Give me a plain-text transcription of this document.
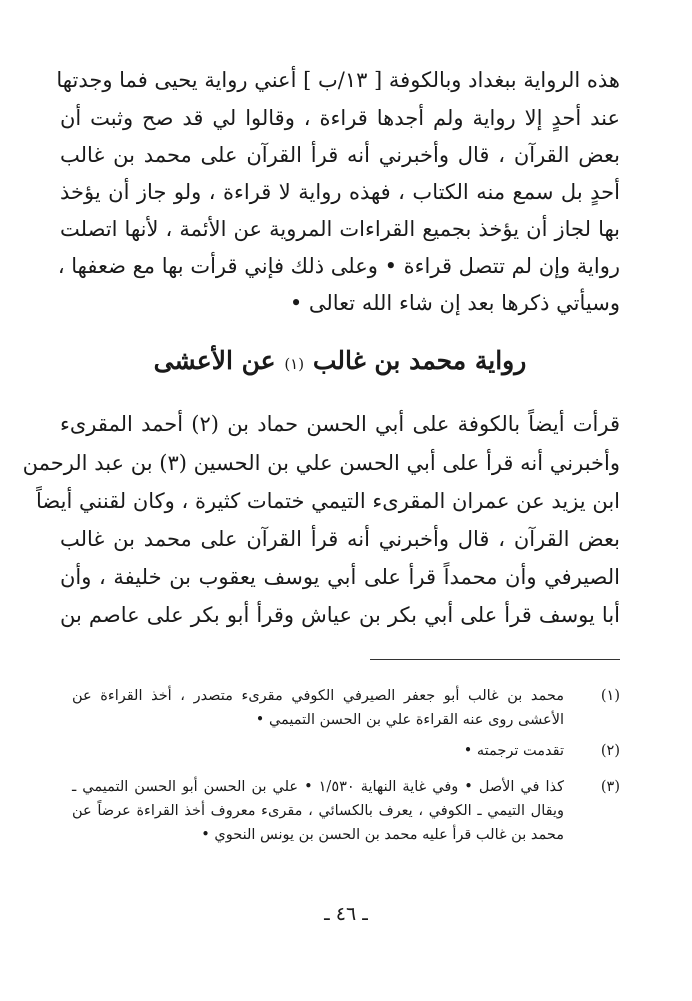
هذه الرواية ببغداد وبالكوفة [ ١٣/ب ] أعني رواية يحيى فما وجدتها
عند أحدٍ إلا رواية ولم أجدها قراءة ، وقالوا لي قد صح وثبت أن
بعض القرآن ، قال وأخبرني أنه قرأ القرآن على محمد بن غالب
أحدٍ بل سمع منه الكتاب ، فهذه رواية لا قراءة ، ولو جاز أن يؤخذ
بها لجاز أن يؤخذ بجميع القراءات المروية عن الأئمة ، لأنها اتصلت
رواية وإن لم تتصل قراءة • وعلى ذلك فإني قرأت بها مع ضعفها ،
وسيأتي ذكرها بعد إن شاء الله تعالى •
رواية محمد بن غالب (١) عن الأعشى
قرأت أيضاً بالكوفة على أبي الحسن حماد بن (٢) أحمد المقرىء
وأخبرني أنه قرأ على أبي الحسن علي بن الحسين (٣) بن عبد الرحمن
ابن يزيد عن عمران المقرىء التيمي ختمات كثيرة ، وكان لقنني أيضاً
بعض القرآن ، قال وأخبرني أنه قرأ القرآن على محمد بن غالب
الصيرفي وأن محمداً قرأ على أبي يوسف يعقوب بن خليفة ، وأن
أبا يوسف قرأ على أبي بكر بن عياش وقرأ أبو بكر على عاصم بن
(١)
محمد بن غالب أبو جعفر الصيرفي الكوفي مقرىء متصدر ، أخذ القراءة عن الأعشى روى عنه القراءة علي بن الحسن التميمي •
(٢)
تقدمت ترجمته •
(٣)
كذا في الأصل • وفي غاية النهاية ١/٥٣٠ • علي بن الحسن أبو الحسن التميمي ـ ويقال التيمي ـ الكوفي ، يعرف بالكسائي ، مقرىء معروف أخذ القراءة عرضاً عن محمد بن غالب قرأ عليه محمد بن الحسن بن يونس النحوي •
ـ ٤٦ ـ
